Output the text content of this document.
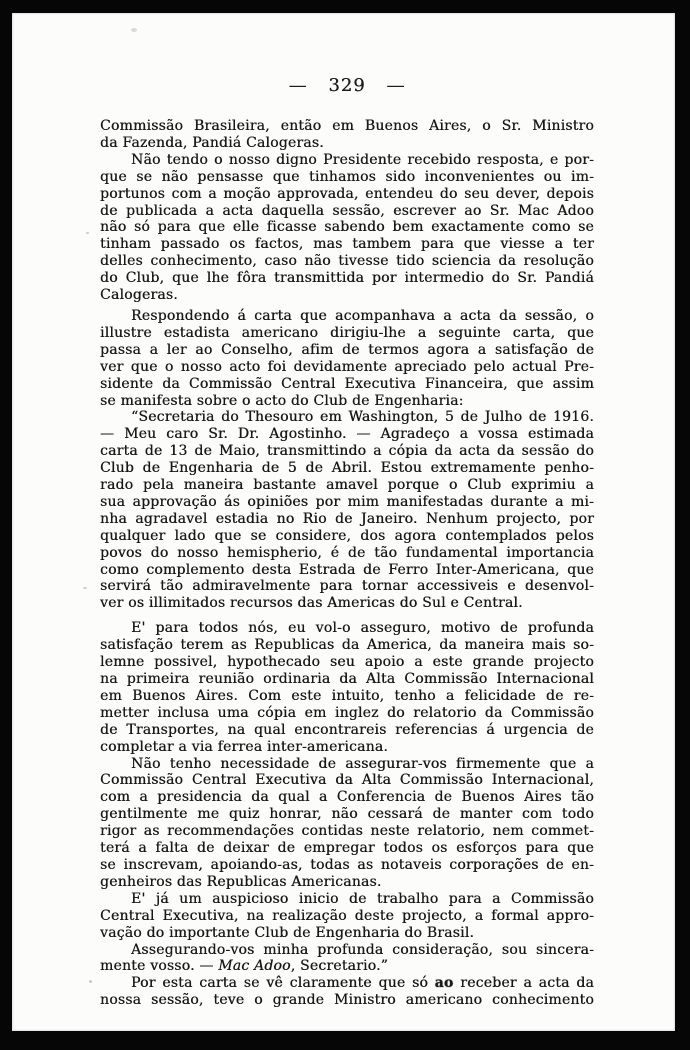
— 329 —
Commissão Brasileira, então em Buenos Aires, o Sr. Ministro
da Fazenda, Pandiá Calogeras.
Não tendo o nosso digno Presidente recebido resposta, e por-
que se não pensasse que tinhamos sido inconvenientes ou im-
portunos com a moção approvada, entendeu do seu dever, depois
de publicada a acta daquella sessão, escrever ao Sr. Mac Adoo
não só para que elle ficasse sabendo bem exactamente como se
tinham passado os factos, mas tambem para que viesse a ter
delles conhecimento, caso não tivesse tido sciencia da resolução
do Club, que lhe fôra transmittida por intermedio do Sr. Pandiá
Calogeras.
Respondendo á carta que acompanhava a acta da sessão, o
illustre estadista americano dirigiu-lhe a seguinte carta, que
passa a ler ao Conselho, afim de termos agora a satisfação de
ver que o nosso acto foi devidamente apreciado pelo actual Pre-
sidente da Commissão Central Executiva Financeira, que assim
se manifesta sobre o acto do Club de Engenharia:
“Secretaria do Thesouro em Washington, 5 de Julho de 1916.
— Meu caro Sr. Dr. Agostinho. — Agradeço a vossa estimada
carta de 13 de Maio, transmittindo a cópia da acta da sessão do
Club de Engenharia de 5 de Abril. Estou extremamente penho-
rado pela maneira bastante amavel porque o Club exprimiu a
sua approvação ás opiniões por mim manifestadas durante a mi-
nha agradavel estadia no Rio de Janeiro. Nenhum projecto, por
qualquer lado que se considere, dos agora contemplados pelos
povos do nosso hemispherio, é de tão fundamental importancia
como complemento desta Estrada de Ferro Inter-Americana, que
servirá tão admiravelmente para tornar accessiveis e desenvol-
ver os illimitados recursos das Americas do Sul e Central.
E' para todos nós, eu vol-o asseguro, motivo de profunda
satisfação terem as Republicas da America, da maneira mais so-
lemne possivel, hypothecado seu apoio a este grande projecto
na primeira reunião ordinaria da Alta Commissão Internacional
em Buenos Aires. Com este intuito, tenho a felicidade de re-
metter inclusa uma cópia em inglez do relatorio da Commissão
de Transportes, na qual encontrareis referencias á urgencia de
completar a via ferrea inter-americana.
Não tenho necessidade de assegurar-vos firmemente que a
Commissão Central Executiva da Alta Commissão Internacional,
com a presidencia da qual a Conferencia de Buenos Aires tão
gentilmente me quiz honrar, não cessará de manter com todo
rigor as recommendações contidas neste relatorio, nem commet-
terá a falta de deixar de empregar todos os esforços para que
se inscrevam, apoiando-as, todas as notaveis corporações de en-
genheiros das Republicas Americanas.
E' já um auspicioso inicio de trabalho para a Commissão
Central Executiva, na realização deste projecto, a formal appro-
vação do importante Club de Engenharia do Brasil.
Assegurando-vos minha profunda consideração, sou sincera-
mente vosso. — Mac Adoo, Secretario.”
Por esta carta se vê claramente que só ao receber a acta da
nossa sessão, teve o grande Ministro americano conhecimento
